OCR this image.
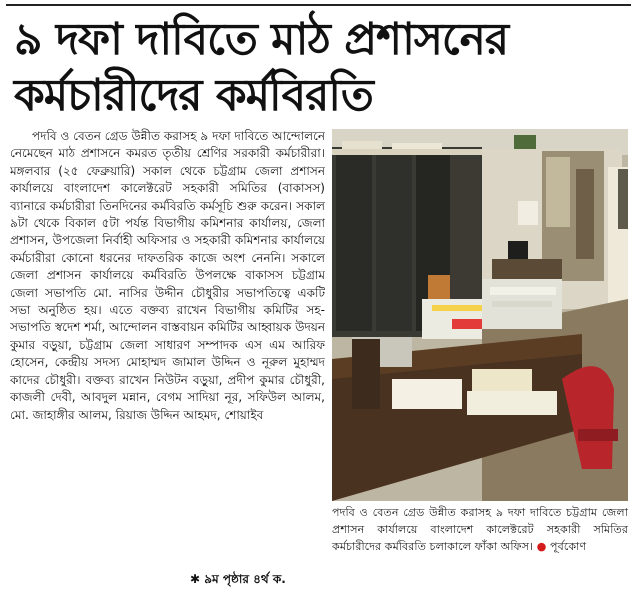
৯ দফা দাবিতে মাঠ প্রশাসনের
কর্মচারীদের কর্মবিরতি

পদবি ও বেতন গ্রেড উন্নীত করাসহ ৯ দফা দাবিতে আন্দোলনে নেমেছেন মাঠ প্রশাসনে কমরত তৃতীয় শ্রেণির সরকারী কর্মচারীরা। মঙ্গলবার (২৫ ফেব্রুয়ারি) সকাল থেকে চট্টগ্রাম জেলা প্রশাসন কার্যালয়ে বাংলাদেশ কালেক্টরেট সহকারী সমিতির (বাকাসস) ব্যানারে কর্মচারীরা তিনদিনের কর্মবিরতি কর্মসূচি শুরু করেন। সকাল ৯টা থেকে বিকাল ৫টা পর্যন্ত বিভাগীয় কমিশনার কার্যালয়, জেলা প্রশাসন, উপজেলা নির্বাহী অফিসার ও সহকারী কমিশনার কার্যালয়ে কর্মচারীরা কোনো ধরনের দাফতরিক কাজে অংশ নেননি। সকালে জেলা প্রশাসন কার্যালয়ে কর্মবিরতি উপলক্ষে বাকাসস চট্টগ্রাম জেলা সভাপতি মো. নাসির উদ্দীন চৌধুরীর সভাপতিত্বে একটি সভা অনুষ্ঠিত হয়। এতে বক্তব্য রাখেন বিভাগীয় কমিটির সহ-সভাপতি স্বদেশ শর্মা, আন্দোলন বাস্তবায়ন কমিটির আহ্বায়ক উদয়ন কুমার বড়ুয়া, চট্টগ্রাম জেলা সাধারণ সম্পাদক এস এম আরিফ হোসেন, কেন্দ্রীয় সদস্য মোহাম্মদ জামাল উদ্দিন ও নূরুল মুহাম্মদ কাদের চৌধুরী। বক্তব্য রাখেন নিউটন বড়ুয়া, প্রদীপ কুমার চৌধুরী, কাজলী দেবী, আবদুল মন্নান, বেগম সাদিয়া নূর, সফিউল আলম, মো. জাহাঙ্গীর আলম, রিয়াজ উদ্দিন আহমদ, শোয়াইব

✱ ৯ম পৃষ্ঠার ৪র্থ ক.
পদবি ও বেতন গ্রেড উন্নীত করাসহ ৯ দফা দাবিতে চট্টগ্রাম জেলা প্রশাসন কার্যালয়ে বাংলাদেশ কালেক্টরেট সহকারী সমিতির কর্মচারীদের কর্মবিরতি চলাকালে ফাঁকা অফিস। ● পূর্বকোণ
